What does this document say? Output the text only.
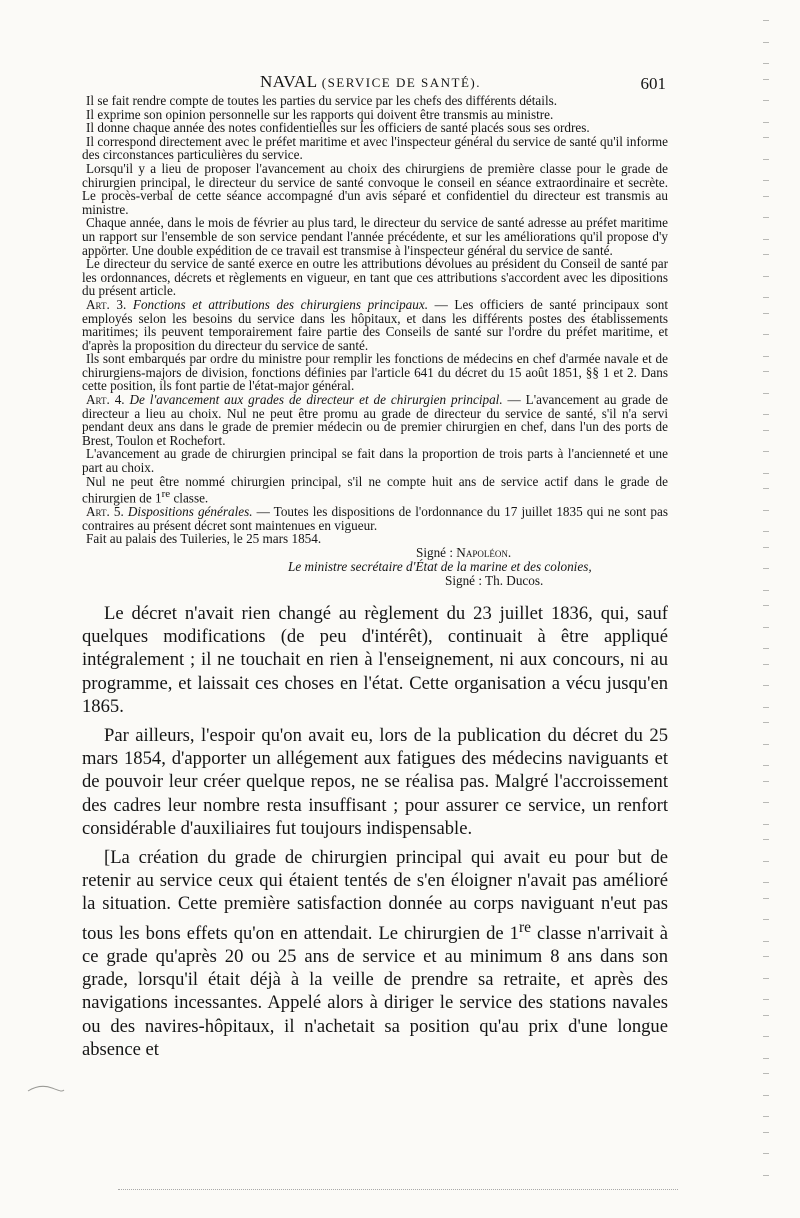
NAVAL (SERVICE DE SANTÉ).	601

Il se fait rendre compte de toutes les parties du service par les chefs des différents détails.

Il exprime son opinion personnelle sur les rapports qui doivent être transmis au ministre.

Il donne chaque année des notes confidentielles sur les officiers de santé placés sous ses ordres.

Il correspond directement avec le préfet maritime et avec l'inspecteur général du service de santé qu'il informe des circonstances particulières du service.

Lorsqu'il y a lieu de proposer l'avancement au choix des chirurgiens de première classe pour le grade de chirurgien principal, le directeur du service de santé convoque le conseil en séance extraordinaire et secrète. Le procès-verbal de cette séance accompagné d'un avis séparé et confidentiel du directeur est transmis au ministre.

Chaque année, dans le mois de février au plus tard, le directeur du service de santé adresse au préfet maritime un rapport sur l'ensemble de son service pendant l'année précédente, et sur les améliorations qu'il propose d'y appörter. Une double expédition de ce travail est transmise à l'inspecteur général du service de santé.

Le directeur du service de santé exerce en outre les attributions dévolues au président du Conseil de santé par les ordonnances, décrets et règlements en vigueur, en tant que ces attributions s'accordent avec les dipositions du présent article.

Art. 3. Fonctions et attributions des chirurgiens principaux. — Les officiers de santé principaux sont employés selon les besoins du service dans les hôpitaux, et dans les différents postes des établissements maritimes; ils peuvent temporairement faire partie des Conseils de santé sur l'ordre du préfet maritime, et d'après la proposition du directeur du service de santé.

Ils sont embarqués par ordre du ministre pour remplir les fonctions de médecins en chef d'armée navale et de chirurgiens-majors de division, fonctions définies par l'article 641 du décret du 15 août 1851, §§ 1 et 2. Dans cette position, ils font partie de l'état-major général.

Art. 4. De l'avancement aux grades de directeur et de chirurgien principal. — L'avancement au grade de directeur a lieu au choix. Nul ne peut être promu au grade de directeur du service de santé, s'il n'a servi pendant deux ans dans le grade de premier médecin ou de premier chirurgien en chef, dans l'un des ports de Brest, Toulon et Rochefort.

L'avancement au grade de chirurgien principal se fait dans la proportion de trois parts à l'ancienneté et une part au choix.

Nul ne peut être nommé chirurgien principal, s'il ne compte huit ans de service actif dans le grade de chirurgien de 1re classe.

Art. 5. Dispositions générales. — Toutes les dispositions de l'ordonnance du 17 juillet 1835 qui ne sont pas contraires au présent décret sont maintenues en vigueur.

Fait au palais des Tuileries, le 25 mars 1854.

Signé : Napoléon.
Le ministre secrétaire d'État de la marine et des colonies,
Signé : Th. Ducos.

Le décret n'avait rien changé au règlement du 23 juillet 1836, qui, sauf quelques modifications (de peu d'intérêt), continuait à être appliqué intégralement ; il ne touchait en rien à l'enseignement, ni aux concours, ni au programme, et laissait ces choses en l'état. Cette organisation a vécu jusqu'en 1865.

Par ailleurs, l'espoir qu'on avait eu, lors de la publication du décret du 25 mars 1854, d'apporter un allégement aux fatigues des médecins naviguants et de pouvoir leur créer quelque repos, ne se réalisa pas. Malgré l'accroissement des cadres leur nombre resta insuffisant ; pour assurer ce service, un renfort considérable d'auxiliaires fut toujours indispensable.

[La création du grade de chirurgien principal qui avait eu pour but de retenir au service ceux qui étaient tentés de s'en éloigner n'avait pas amélioré la situation. Cette première satisfaction donnée au corps naviguant n'eut pas tous les bons effets qu'on en attendait. Le chirurgien de 1re classe n'arrivait à ce grade qu'après 20 ou 25 ans de service et au minimum 8 ans dans son grade, lorsqu'il était déjà à la veille de prendre sa retraite, et après des navigations incessantes. Appelé alors à diriger le service des stations navales ou des navires-hôpitaux, il n'achetait sa position qu'au prix d'une longue absence et
